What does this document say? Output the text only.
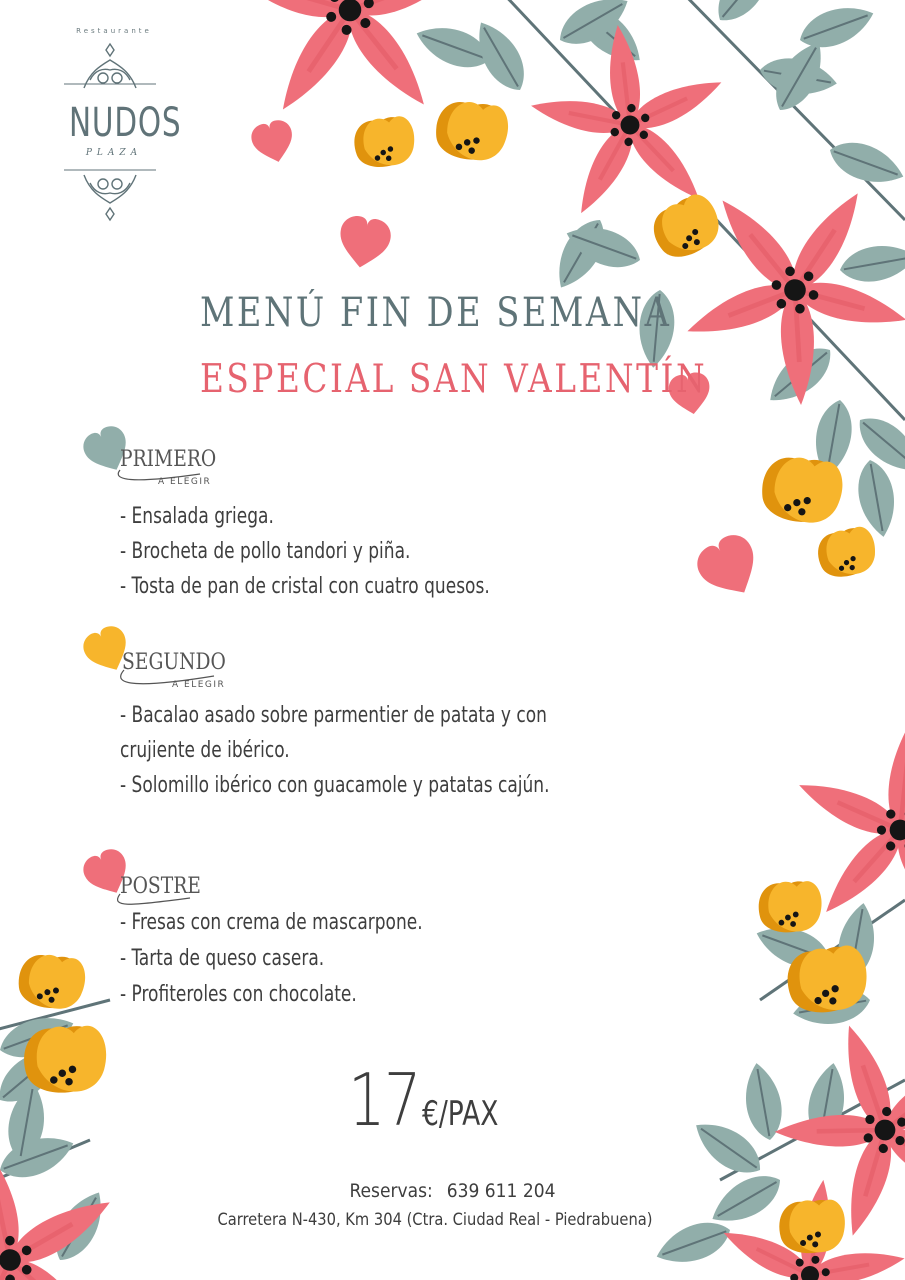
Restaurante
NUDOS
PLAZA
MENÚ FIN DE SEMANA
ESPECIAL SAN VALENTÍN
PRIMERO
A ELEGIR
- Ensalada griega.
- Brocheta de pollo tandori y piña.
- Tosta de pan de cristal con cuatro quesos.
SEGUNDO
A ELEGIR
- Bacalao asado sobre parmentier de patata y con
crujiente de ibérico.
- Solomillo ibérico con guacamole y patatas cajún.
POSTRE
- Fresas con crema de mascarpone.
- Tarta de queso casera.
- Profiteroles con chocolate.
17€/PAX
Reservas: 639 611 204
Carretera N-430, Km 304 (Ctra. Ciudad Real - Piedrabuena)
